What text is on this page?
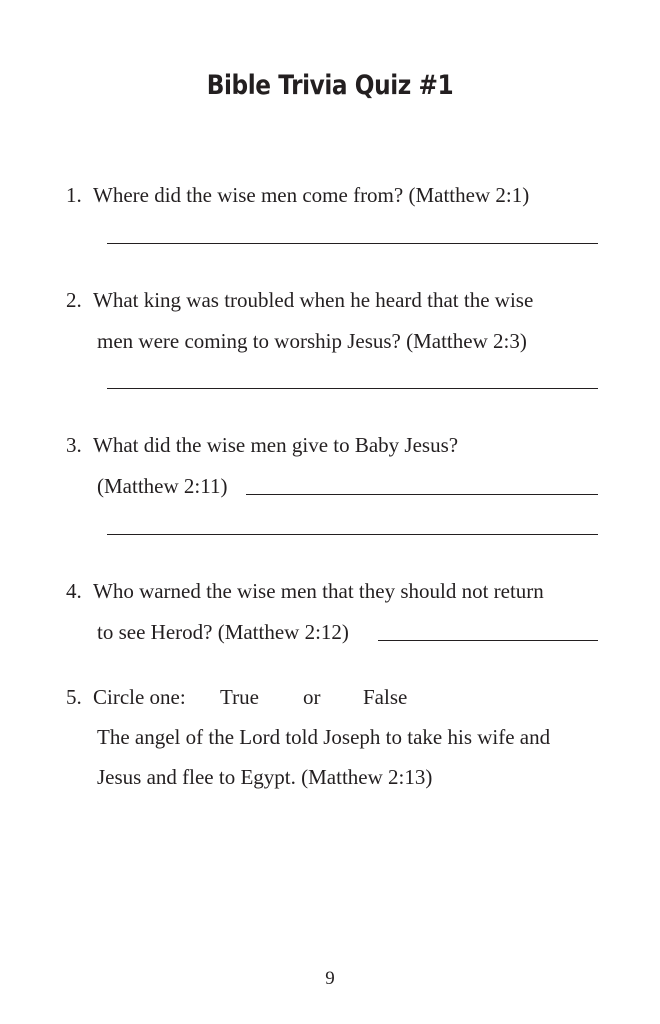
Bible Trivia Quiz #1
1. Where did the wise men come from? (Matthew 2:1)
2. What king was troubled when he heard that the wise
men were coming to worship Jesus? (Matthew 2:3)
3. What did the wise men give to Baby Jesus?
(Matthew 2:11)
4. Who warned the wise men that they should not return
to see Herod? (Matthew 2:12)
5. Circle one: True or False
The angel of the Lord told Joseph to take his wife and
Jesus and flee to Egypt. (Matthew 2:13)
9
